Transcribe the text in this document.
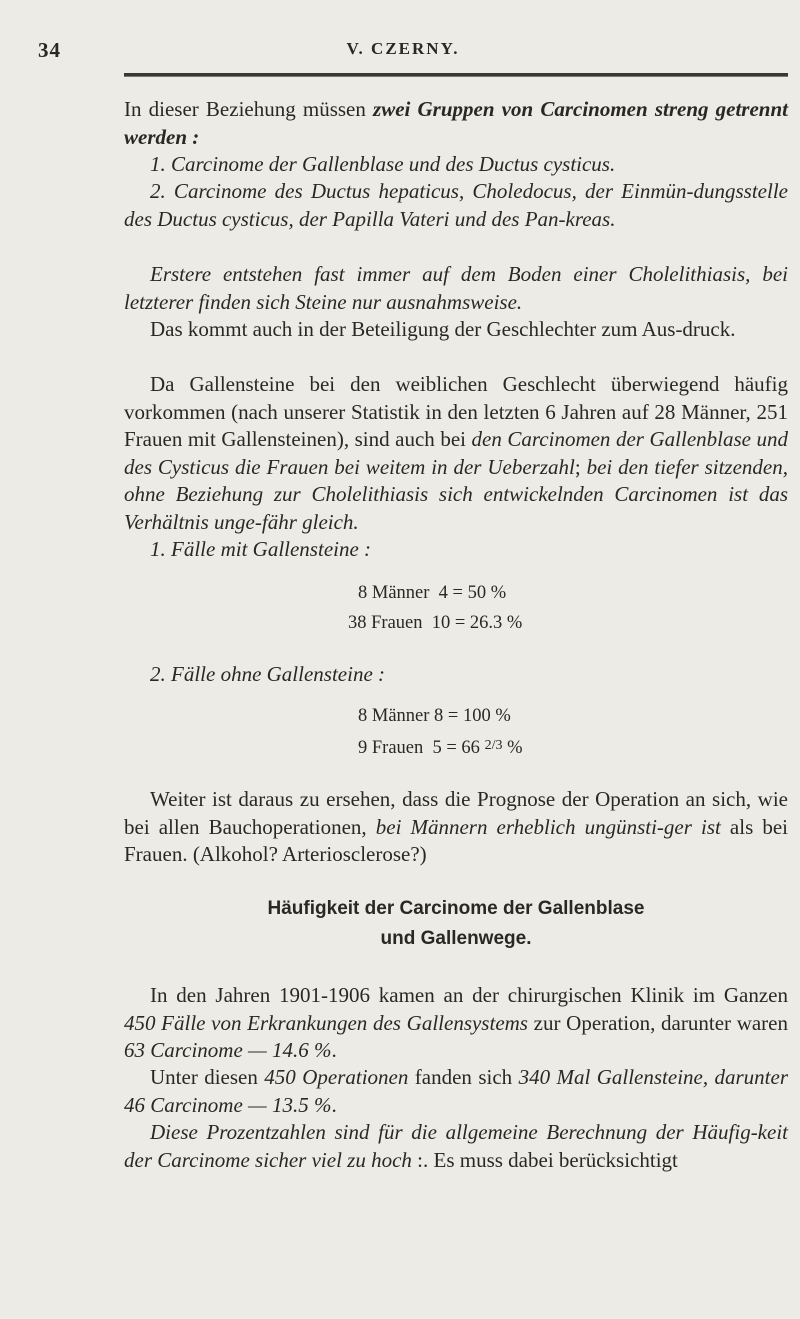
34	V. CZERNY.
In dieser Beziehung müssen zwei Gruppen von Carcinomen streng getrennt werden :
1. Carcinome der Gallenblase und des Ductus cysticus.
2. Carcinome des Ductus hepaticus, Choledocus, der Einmün-dungsstelle des Ductus cysticus, der Papilla Vateri und des Pan-kreas.
Erstere entstehen fast immer auf dem Boden einer Cholelithiasis, bei letzterer finden sich Steine nur ausnahmsweise.
Das kommt auch in der Beteiligung der Geschlechter zum Aus-druck.
Da Gallensteine bei den weiblichen Geschlecht überwiegend häufig vorkommen (nach unserer Statistik in den letzten 6 Jahren auf 28 Männer, 251 Frauen mit Gallensteinen), sind auch bei den Carcinomen der Gallenblase und des Cysticus die Frauen bei weitem in der Ueberzahl; bei den tiefer sitzenden, ohne Beziehung zur Cholelithiasis sich entwickelnden Carcinomen ist das Verhältnis unge-fähr gleich.
1. Fälle mit Gallensteine :
8 Männer  4 = 50 %
38 Frauen  10 = 26.3 %
2. Fälle ohne Gallensteine :
8 Männer 8 = 100 %
9 Frauen  5 = 66 $^{2/3}$ %
Weiter ist daraus zu ersehen, dass die Prognose der Operation an sich, wie bei allen Bauchoperationen, bei Männern erheblich ungünsti-ger ist als bei Frauen. (Alkohol? Arteriosclerose?)
Häufigkeit der Carcinome der Gallenblase und Gallenwege.
In den Jahren 1901-1906 kamen an der chirurgischen Klinik im Ganzen 450 Fälle von Erkrankungen des Gallensystems zur Operation, darunter waren 63 Carcinome — 14.6 %.
Unter diesen 450 Operationen fanden sich 340 Mal Gallensteine, darunter 46 Carcinome — 13.5 %.
Diese Prozentzahlen sind für die allgemeine Berechnung der Häufig-keit der Carcinome sicher viel zu hoch :. Es muss dabei berücksichtigt
